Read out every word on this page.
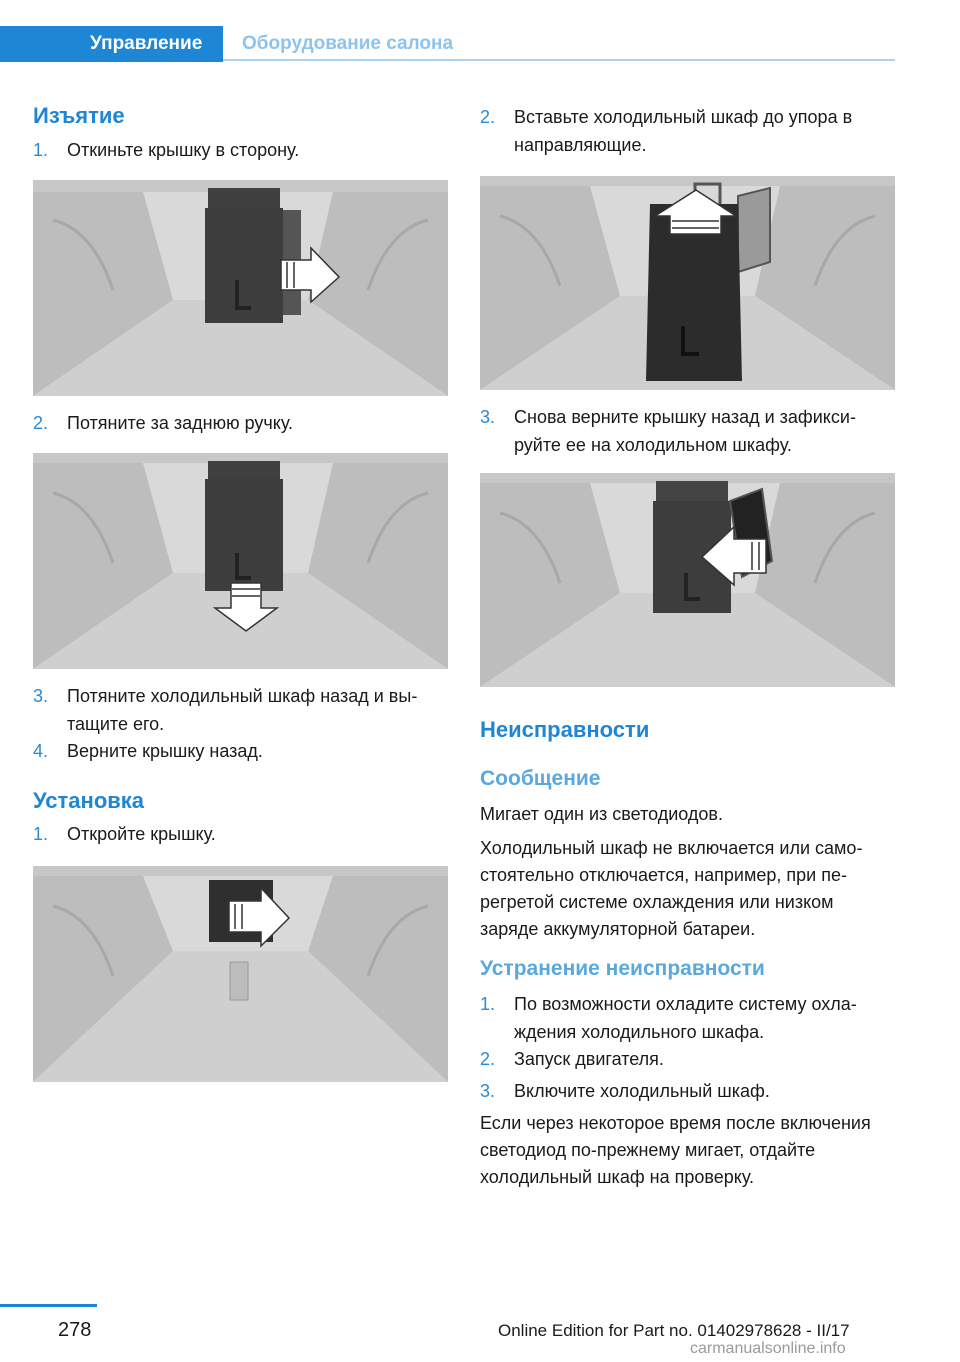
Управление Оборудование салона
Изъятие
1. Откиньте крышку в сторону.
2. Потяните за заднюю ручку.
3. Потяните холодильный шкаф назад и вытащите его.
4. Верните крышку назад.
Установка
1. Откройте крышку.
2. Вставьте холодильный шкаф до упора в направляющие.
3. Снова верните крышку назад и зафиксируйте ее на холодильном шкафу.
Неисправности
Сообщение
Мигает один из светодиодов.
Холодильный шкаф не включается или самостоятельно отключается, например, при перегретой системе охлаждения или низком заряде аккумуляторной батареи.
Устранение неисправности
1. По возможности охладите систему охлаждения холодильного шкафа.
2. Запуск двигателя.
3. Включите холодильный шкаф.
Если через некоторое время после включения светодиод по-прежнему мигает, отдайте холодильный шкаф на проверку.
278	Online Edition for Part no. 01402978628 - II/17
carmanualsonline.info
